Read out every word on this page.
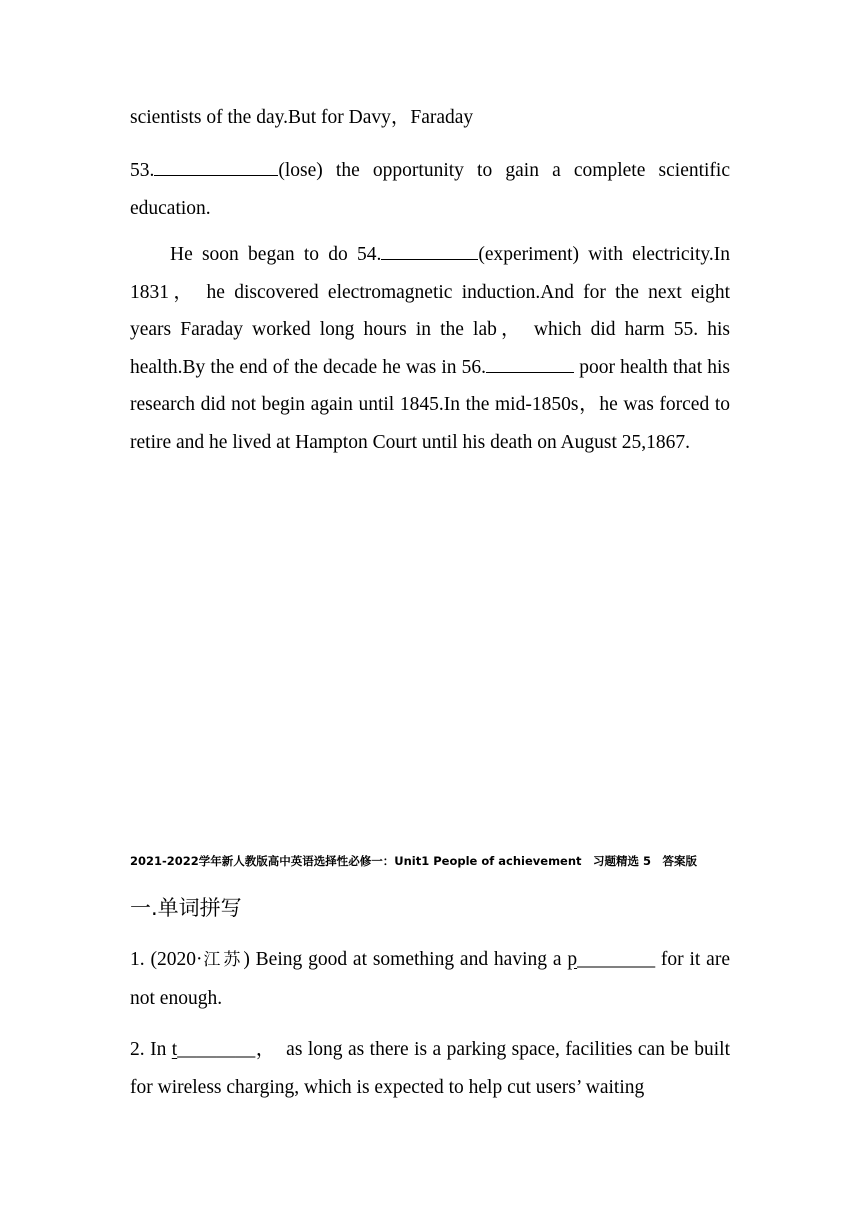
scientists of the day.But for Davy，Faraday

53.	(lose) the opportunity to gain a complete scientific education.

He soon began to do 54.	(experiment) with electricity.In 1831， he discovered electromagnetic induction.And for the next eight years Faraday worked long hours in the lab， which did harm 55. his health.By the end of the decade he was in 56.	poor health that his research did not begin again until 1845.In the mid-1850s，he was forced to retire and he lived at Hampton Court until his death on August 25,1867.

2021-2022学年新人教版高中英语选择性必修一：Unit1 People of achievement　习题精选 5　答案版

一.单词拼写

1. (2020·江苏) Being good at something and having a p________ for it are not enough.

2. In t________，　as long as there is a parking space, facilities can be built for wireless charging, which is expected to help cut users’ waiting
